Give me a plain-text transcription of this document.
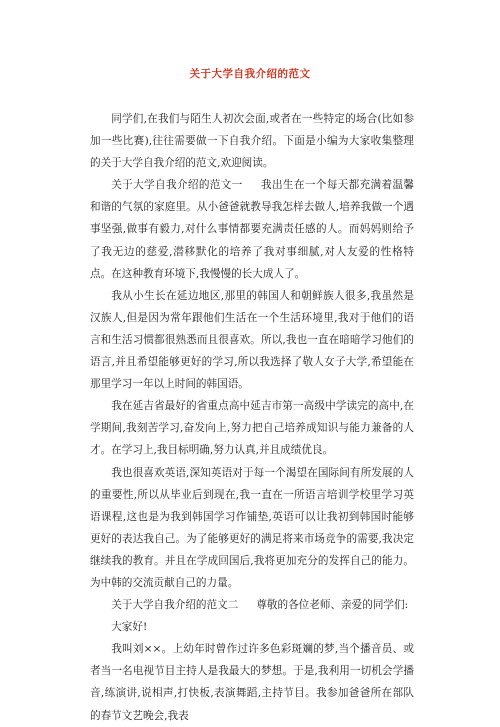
关于大学自我介绍的范文

同学们,在我们与陌生人初次会面,或者在一些特定的场合(比如参加一些比赛),往往需要做一下自我介绍。下面是小编为大家收集整理的关于大学自我介绍的范文,欢迎阅读。

关于大学自我介绍的范文一 我出生在一个每天都充满着温馨和谐的气氛的家庭里。从小爸爸就教导我怎样去做人,培养我做一个遇事坚强,做事有毅力,对什么事情都要充满责任感的人。而妈妈则给予了我无边的慈爱,潜移默化的培养了我对事细腻,对人友爱的性格特点。在这种教育环境下,我慢慢的长大成人了。

我从小生长在延边地区,那里的韩国人和朝鲜族人很多,我虽然是汉族人,但是因为常年跟他们生活在一个生活环境里,我对于他们的语言和生活习惯都很熟悉而且很喜欢。所以,我也一直在暗暗学习他们的语言,并且希望能够更好的学习,所以我选择了敬人女子大学,希望能在那里学习一年以上时间的韩国语。

我在延吉省最好的省重点高中延吉市第一高级中学读完的高中,在学期间,我刻苦学习,奋发向上,努力把自己培养成知识与能力兼备的人才。在学习上,我目标明确,努力认真,并且成绩优良。

我也很喜欢英语,深知英语对于每一个渴望在国际间有所发展的人的重要性,所以从毕业后到现在,我一直在一所语言培训学校里学习英语课程,这也是为我到韩国学习作铺垫,英语可以让我初到韩国时能够更好的表达我自己。为了能够更好的满足将来市场竞争的需要,我决定继续我的教育。并且在学成回国后,我将更加充分的发挥自己的能力。为中韩的交流贡献自己的力量。

关于大学自我介绍的范文二 尊敬的各位老师、亲爱的同学们:

大家好!

我叫刘××。上幼年时曾作过许多色彩斑斓的梦,当个播音员、或者当一名电视节目主持人是我最大的梦想。于是,我利用一切机会学播音,练演讲,说相声,打快板,表演舞蹈,主持节目。我参加爸爸所在部队的春节文艺晚会,我表
